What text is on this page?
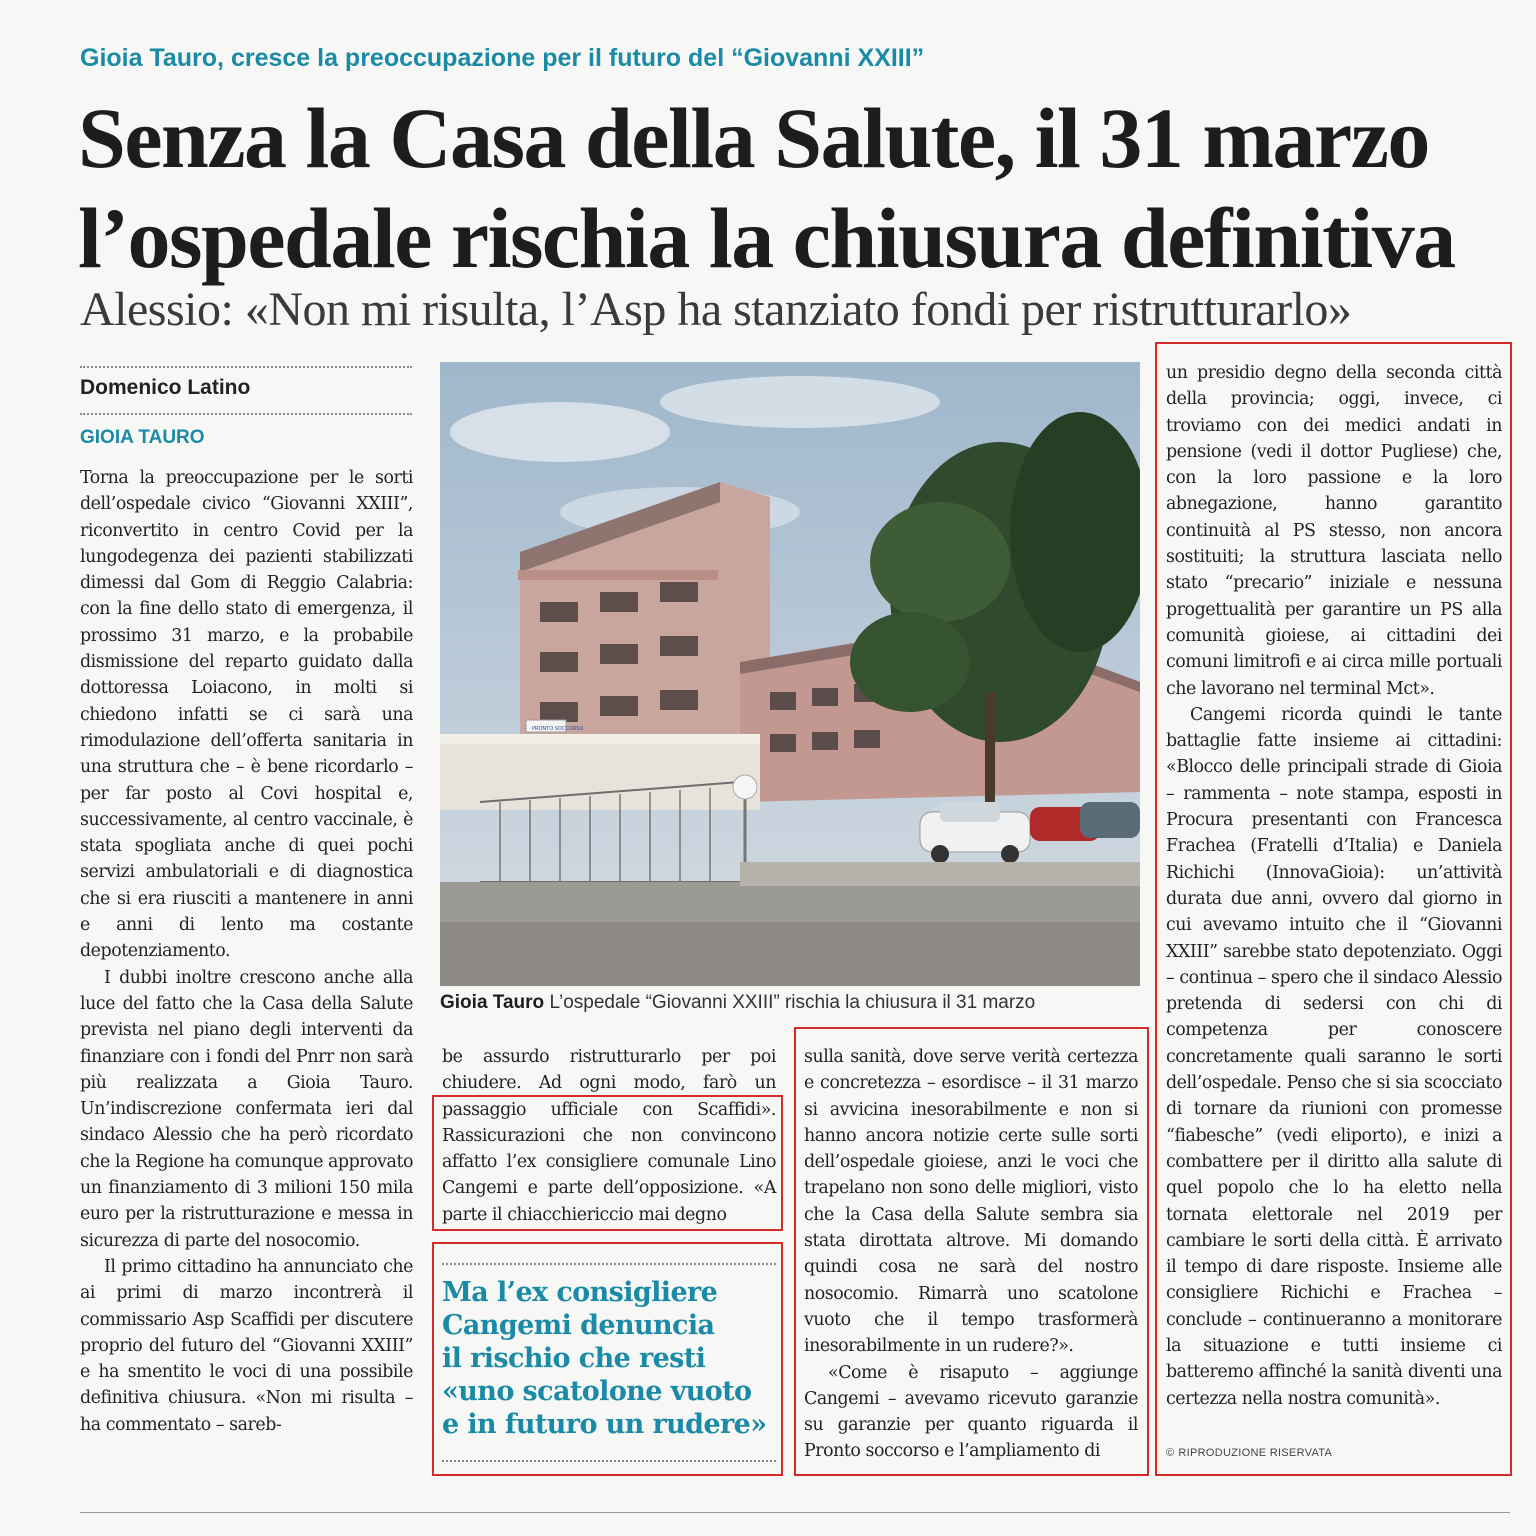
Gioia Tauro, cresce la preoccupazione per il futuro del “Giovanni XXIII”
Senza la Casa della Salute, il 31 marzo
l’ospedale rischia la chiusura definitiva
Alessio: «Non mi risulta, l’Asp ha stanziato fondi per ristrutturarlo»
Domenico Latino
GIOIA TAURO

Torna la preoccupazione per le sorti dell’ospedale civico “Giovanni XXIII”, riconvertito in centro Covid per la lungodegenza dei pazienti stabilizzati dimessi dal Gom di Reggio Calabria: con la fine dello stato di emergenza, il prossimo 31 marzo, e la probabile dismissione del reparto guidato dalla dottoressa Loiacono, in molti si chiedono infatti se ci sarà una rimodulazione dell’offerta sanitaria in una struttura che – è bene ricordarlo – per far posto al Covi hospital e, successivamente, al centro vaccinale, è stata spogliata anche di quei pochi servizi ambulatoriali e di diagnostica che si era riusciti a mantenere in anni e anni di lento ma costante depotenziamento.

I dubbi inoltre crescono anche alla luce del fatto che la Casa della Salute prevista nel piano degli interventi da finanziare con i fondi del Pnrr non sarà più realizzata a Gioia Tauro. Un’indiscrezione confermata ieri dal sindaco Alessio che ha però ricordato che la Regione ha comunque approvato un finanziamento di 3 milioni 150 mila euro per la ristrutturazione e messa in sicurezza di parte del nosocomio.

Il primo cittadino ha annunciato che ai primi di marzo incontrerà il commissario Asp Scaffidi per discutere proprio del futuro del “Giovanni XXIII” e ha smentito le voci di una possibile definitiva chiusura. «Non mi risulta – ha commentato – sareb-

PRONTO SOCCORSO
Gioia Tauro L’ospedale “Giovanni XXIII” rischia la chiusura il 31 marzo

be assurdo ristrutturarlo per poi chiudere. Ad ogni modo, farò un passaggio ufficiale con Scaffidi». Rassicurazioni che non convincono affatto l’ex consigliere comunale Lino Cangemi e parte dell’opposizione. «A parte il chiacchiericcio mai degno

Ma l’ex consigliere
Cangemi denuncia
il rischio che resti
«uno scatolone vuoto
e in futuro un rudere»

sulla sanità, dove serve verità certezza e concretezza – esordisce – il 31 marzo si avvicina inesorabilmente e non si hanno ancora notizie certe sulle sorti dell’ospedale gioiese, anzi le voci che trapelano non sono delle migliori, visto che la Casa della Salute sembra sia stata dirottata altrove. Mi domando quindi cosa ne sarà del nostro nosocomio. Rimarrà uno scatolone vuoto che il tempo trasformerà inesorabilmente in un rudere?».

«Come è risaputo – aggiunge Cangemi – avevamo ricevuto garanzie su garanzie per quanto riguarda il Pronto soccorso e l’ampliamento di

un presidio degno della seconda città della provincia; oggi, invece, ci troviamo con dei medici andati in pensione (vedi il dottor Pugliese) che, con la loro passione e la loro abnegazione, hanno garantito continuità al PS stesso, non ancora sostituiti; la struttura lasciata nello stato “precario” iniziale e nessuna progettualità per garantire un PS alla comunità gioiese, ai cittadini dei comuni limitrofi e ai circa mille portuali che lavorano nel terminal Mct».

Cangemi ricorda quindi le tante battaglie fatte insieme ai cittadini: «Blocco delle principali strade di Gioia – rammenta – note stampa, esposti in Procura presentanti con Francesca Frachea (Fratelli d’Italia) e Daniela Richichi (InnovaGioia): un’attività durata due anni, ovvero dal giorno in cui avevamo intuito che il “Giovanni XXIII” sarebbe stato depotenziato. Oggi – continua – spero che il sindaco Alessio pretenda di sedersi con chi di competenza per conoscere concretamente quali saranno le sorti dell’ospedale. Penso che si sia scocciato di tornare da riunioni con promesse “fiabesche” (vedi eliporto), e inizi a combattere per il diritto alla salute di quel popolo che lo ha eletto nella tornata elettorale nel 2019 per cambiare le sorti della città. È arrivato il tempo di dare risposte. Insieme alle consigliere Richichi e Frachea – conclude – continueranno a monitorare la situazione e tutti insieme ci batteremo affinché la sanità diventi una certezza nella nostra comunità».

© RIPRODUZIONE RISERVATA
